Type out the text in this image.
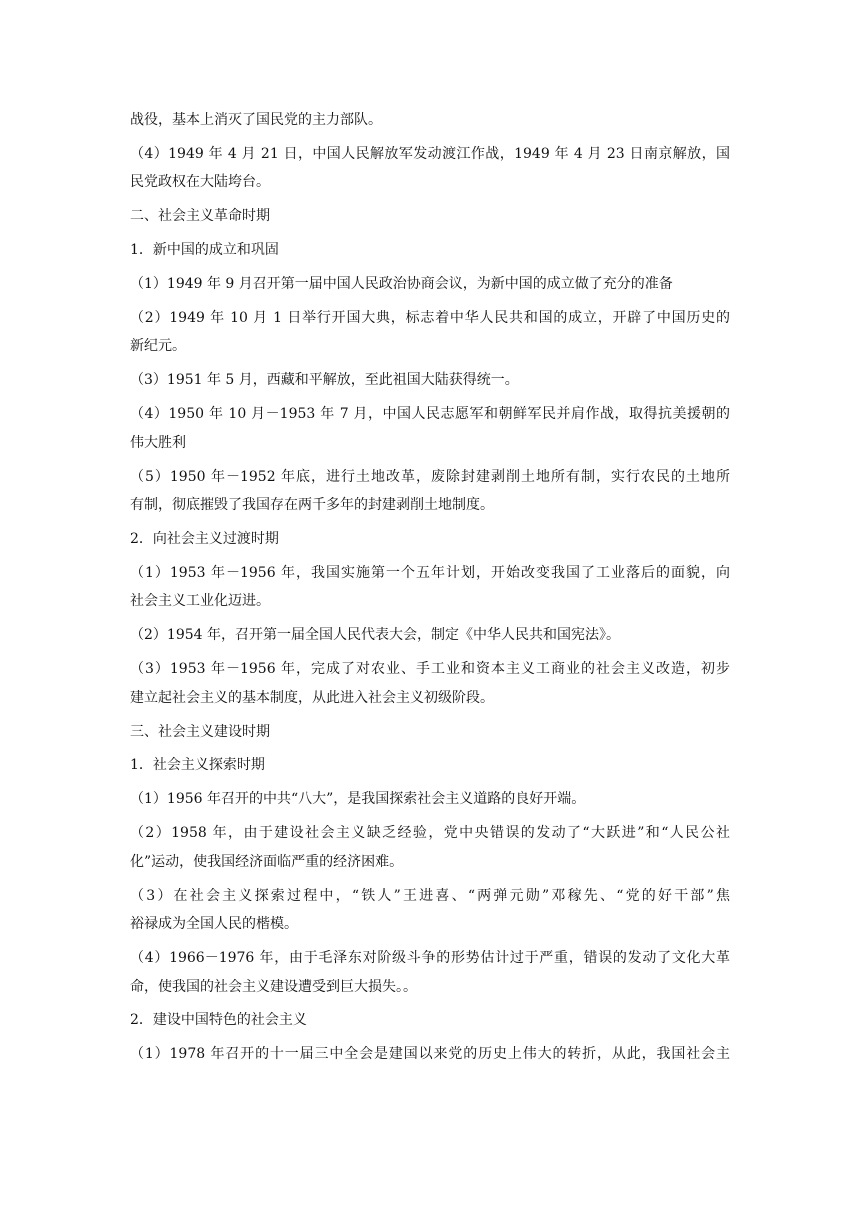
战役，基本上消灭了国民党的主力部队。
（4）1949 年 4 月 21 日，中国人民解放军发动渡江作战，1949 年 4 月 23 日南京解放，国
民党政权在大陆垮台。
二、社会主义革命时期
1．新中国的成立和巩固
（1）1949 年 9 月召开第一届中国人民政治协商会议，为新中国的成立做了充分的准备
（2）1949 年 10 月 1 日举行开国大典，标志着中华人民共和国的成立，开辟了中国历史的
新纪元。
（3）1951 年 5 月，西藏和平解放，至此祖国大陆获得统一。
（4）1950 年 10 月－1953 年 7 月，中国人民志愿军和朝鲜军民并肩作战，取得抗美援朝的
伟大胜利
（5）1950 年－1952 年底，进行土地改革，废除封建剥削土地所有制，实行农民的土地所
有制，彻底摧毁了我国存在两千多年的封建剥削土地制度。
2．向社会主义过渡时期
（1）1953 年－1956 年，我国实施第一个五年计划，开始改变我国了工业落后的面貌，向
社会主义工业化迈进。
（2）1954 年，召开第一届全国人民代表大会，制定《中华人民共和国宪法》。
（3）1953 年－1956 年，完成了对农业、手工业和资本主义工商业的社会主义改造，初步
建立起社会主义的基本制度，从此进入社会主义初级阶段。
三、社会主义建设时期
1．社会主义探索时期
（1）1956 年召开的中共“八大”，是我国探索社会主义道路的良好开端。
（2）1958 年，由于建设社会主义缺乏经验，党中央错误的发动了“大跃进”和“人民公社
化”运动，使我国经济面临严重的经济困难。
（3）在社会主义探索过程中，“铁人”王进喜、“两弹元勋”邓稼先、“党的好干部”焦
裕禄成为全国人民的楷模。
（4）1966－1976 年，由于毛泽东对阶级斗争的形势估计过于严重，错误的发动了文化大革
命，使我国的社会主义建设遭受到巨大损失。。
2．建设中国特色的社会主义
（1）1978 年召开的十一届三中全会是建国以来党的历史上伟大的转折，从此，我国社会主
